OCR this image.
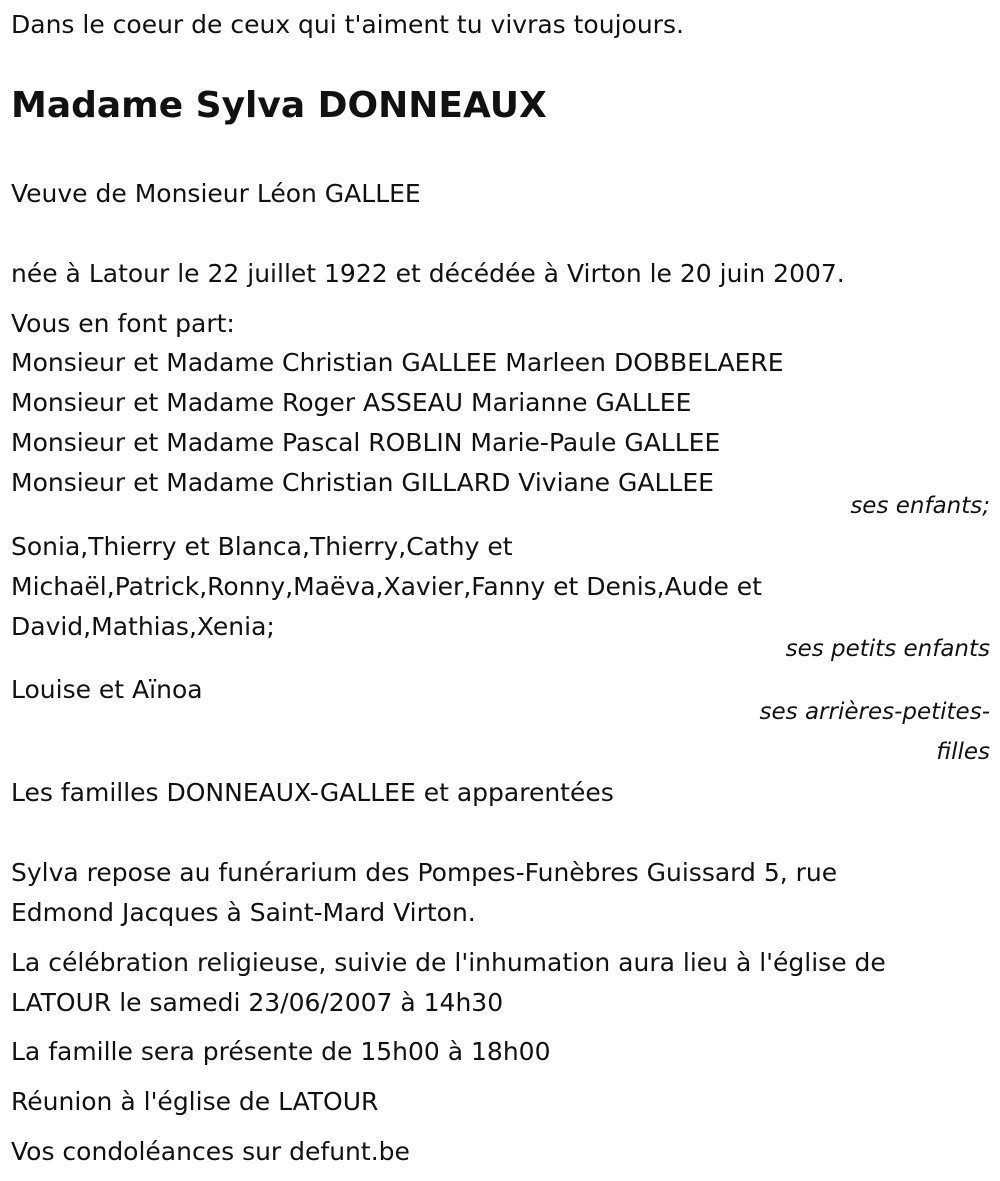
Dans le coeur de ceux qui t'aiment tu vivras toujours.
Madame Sylva DONNEAUX
Veuve de Monsieur Léon GALLEE
née à Latour le 22 juillet 1922 et décédée à Virton le 20 juin 2007.
Vous en font part:
Monsieur et Madame Christian GALLEE Marleen DOBBELAERE
Monsieur et Madame Roger ASSEAU Marianne GALLEE
Monsieur et Madame Pascal ROBLIN Marie-Paule GALLEE
Monsieur et Madame Christian GILLARD Viviane GALLEE
ses enfants;
Sonia,Thierry et Blanca,Thierry,Cathy et
Michaël,Patrick,Ronny,Maëva,Xavier,Fanny et Denis,Aude et
David,Mathias,Xenia;
ses petits enfants
Louise et Aïnoa
ses arrières-petites-
filles
Les familles DONNEAUX-GALLEE et apparentées
Sylva repose au funérarium des Pompes-Funèbres Guissard 5, rue
Edmond Jacques à Saint-Mard Virton.
La célébration religieuse, suivie de l'inhumation aura lieu à l'église de
LATOUR le samedi 23/06/2007 à 14h30
La famille sera présente de 15h00 à 18h00
Réunion à l'église de LATOUR
Vos condoléances sur defunt.be
